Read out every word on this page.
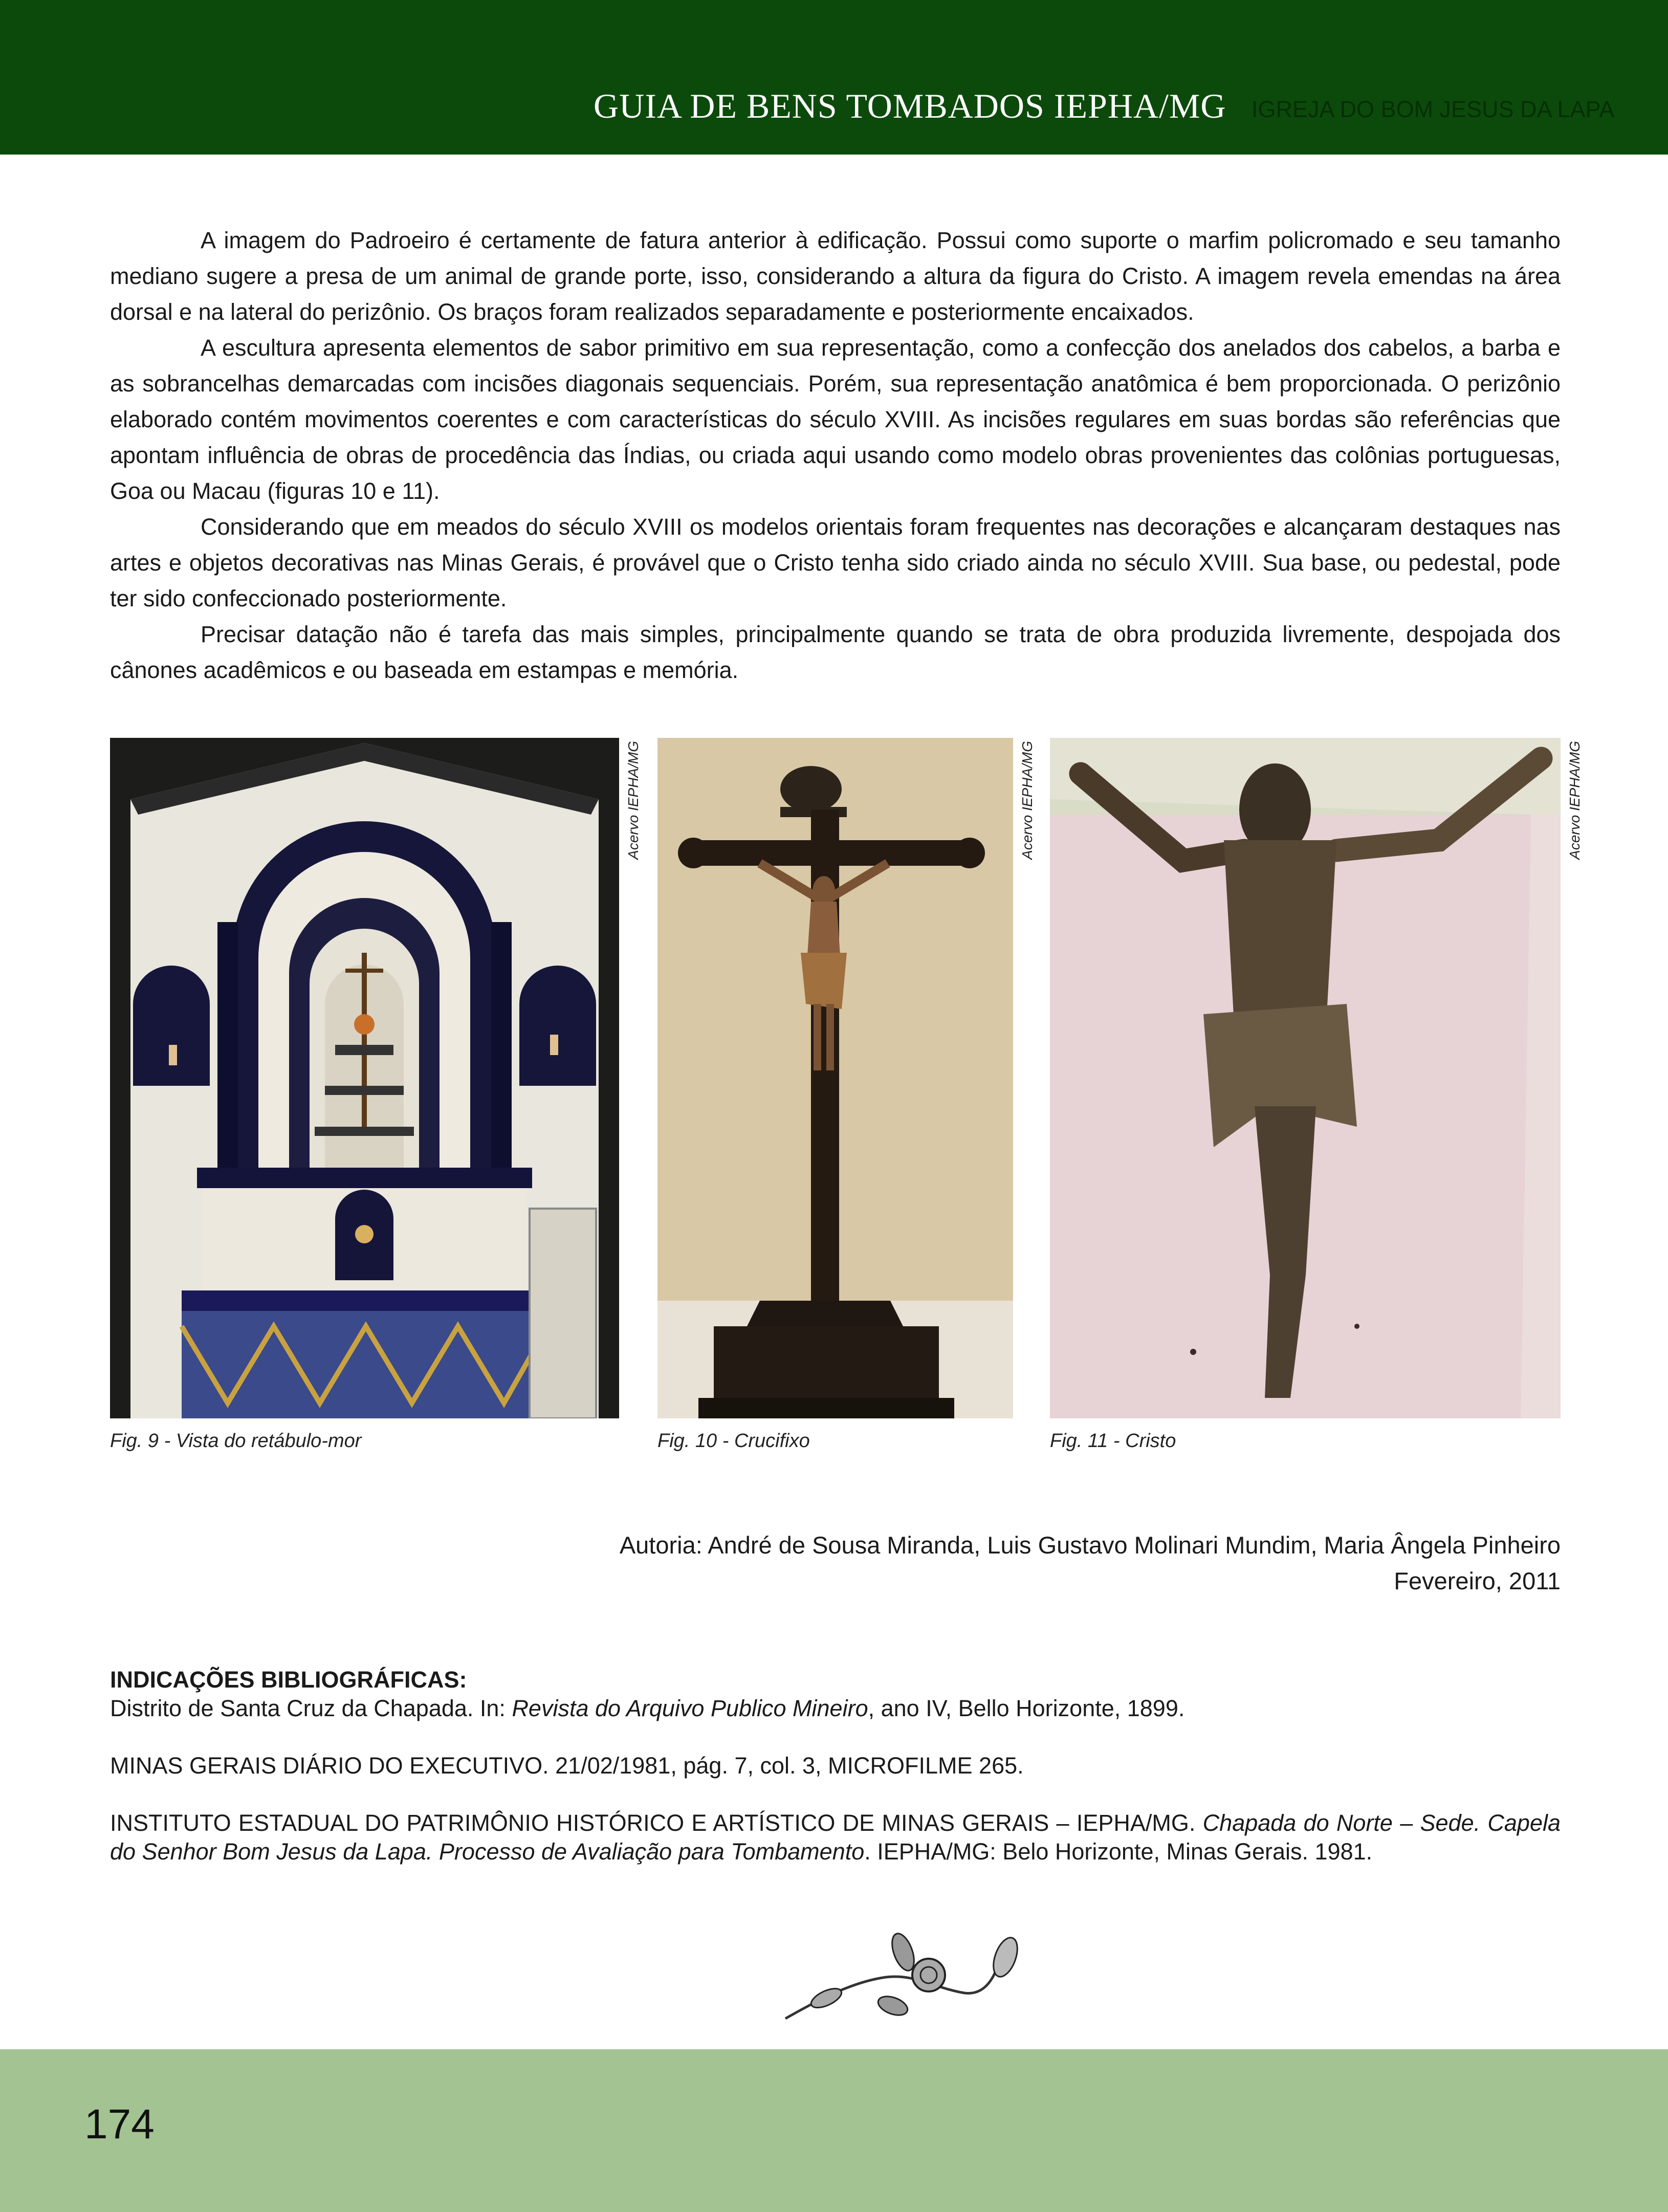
GUIA DE BENS TOMBADOS IEPHA/MG IGREJA DO BOM JESUS DA LAPA

A imagem do Padroeiro é certamente de fatura anterior à edificação. Possui como suporte o marfim policromado e seu tamanho mediano sugere a presa de um animal de grande porte, isso, considerando a altura da figura do Cristo. A imagem revela emendas na área dorsal e na lateral do perizônio. Os braços foram realizados separadamente e posteriormente encaixados.

A escultura apresenta elementos de sabor primitivo em sua representação, como a confecção dos anelados dos cabelos, a barba e as sobrancelhas demarcadas com incisões diagonais sequenciais. Porém, sua representação anatômica é bem proporcionada. O perizônio elaborado contém movimentos coerentes e com características do século XVIII. As incisões regulares em suas bordas são referências que apontam influência de obras de procedência das Índias, ou criada aqui usando como modelo obras provenientes das colônias portuguesas, Goa ou Macau (figuras 10 e 11).

Considerando que em meados do século XVIII os modelos orientais foram frequentes nas decorações e alcançaram destaques nas artes e objetos decorativas nas Minas Gerais, é provável que o Cristo tenha sido criado ainda no século XVIII. Sua base, ou pedestal, pode ter sido confeccionado posteriormente.

Precisar datação não é tarefa das mais simples, principalmente quando se trata de obra produzida livremente, despojada dos cânones acadêmicos e ou baseada em estampas e memória.

Acervo IEPHA/MG
Fig. 9 - Vista do retábulo-mor
Acervo IEPHA/MG
Fig. 10 - Crucifixo
Acervo IEPHA/MG
Fig. 11 - Cristo
Autoria: André de Sousa Miranda, Luis Gustavo Molinari Mundim, Maria Ângela Pinheiro
Fevereiro, 2011
INDICAÇÕES BIBLIOGRÁFICAS:

Distrito de Santa Cruz da Chapada. In: Revista do Arquivo Publico Mineiro, ano IV, Bello Horizonte, 1899.

MINAS GERAIS DIÁRIO DO EXECUTIVO. 21/02/1981, pág. 7, col. 3, MICROFILME 265.

INSTITUTO ESTADUAL DO PATRIMÔNIO HISTÓRICO E ARTÍSTICO DE MINAS GERAIS – IEPHA/MG. Chapada do Norte – Sede. Capela do Senhor Bom Jesus da Lapa. Processo de Avaliação para Tombamento. IEPHA/MG: Belo Horizonte, Minas Gerais. 1981.

174
